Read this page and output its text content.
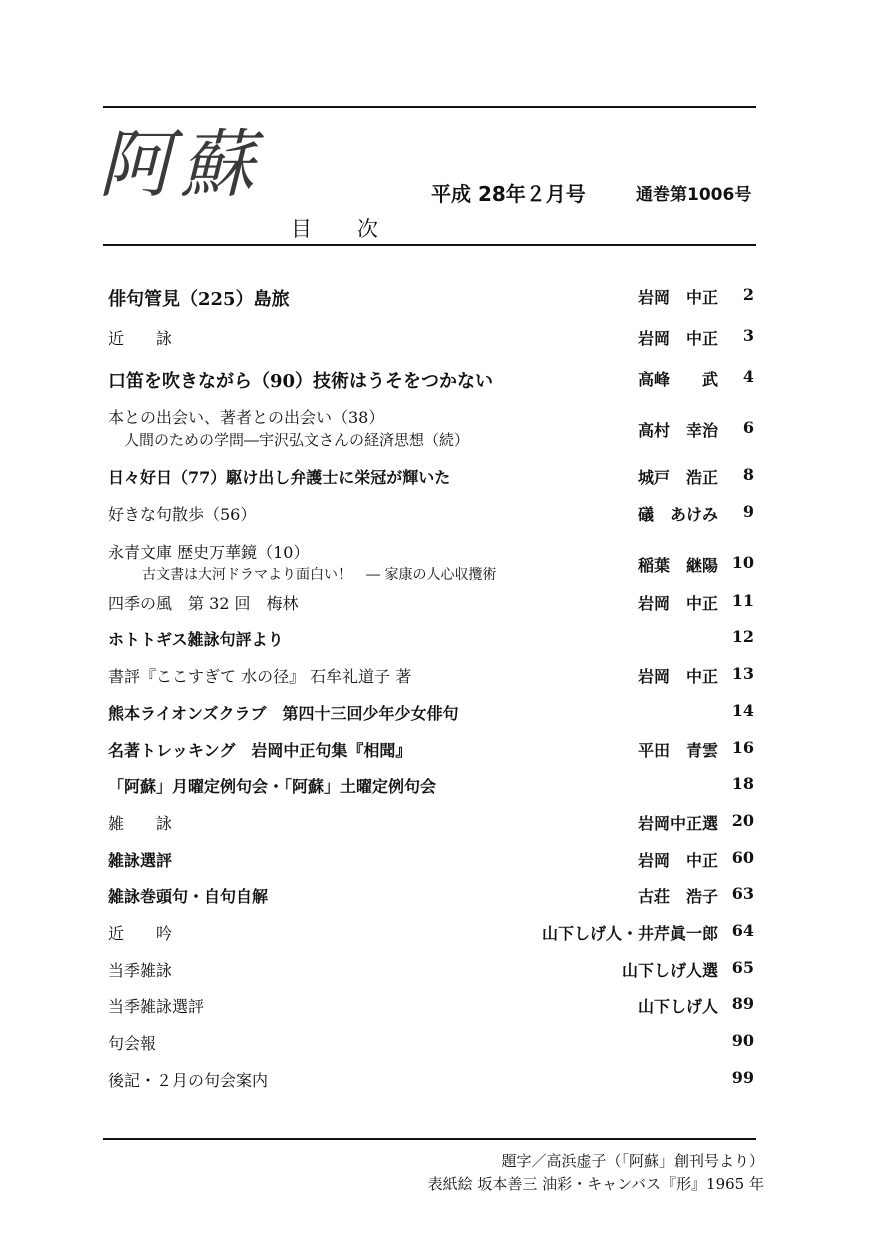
阿蘇	平成 28年２月号	通巻第1006号
目　次
俳句管見（225）島旅	岩岡　中正	2
近　　詠	岩岡　中正	3
口笛を吹きながら（90）技術はうそをつかない	高峰　　武	4
本との出会い、著者との出会い（38）
人間のための学問―宇沢弘文さんの経済思想（続）	高村　幸治	6
日々好日（77）駆け出し弁護士に栄冠が輝いた	城戸　浩正	8
好きな句散歩（56）	礒　あけみ	9
永青文庫 歴史万華鏡（10）
古文書は大河ドラマより面白い！　― 家康の人心収攬術	稲葉　継陽 10
四季の風　第 32 回　梅林	岩岡　中正 11
ホトトギス雑詠句評より	12
書評『ここすぎて 水の径』 石牟礼道子 著	岩岡　中正 13
熊本ライオンズクラブ　第四十三回少年少女俳句	14
名著トレッキング　岩岡中正句集『相聞』	平田　青雲 16
「阿蘇」月曜定例句会・「阿蘇」土曜定例句会	18
雑　　詠	岩岡中正選 20
雑詠選評	岩岡　中正 60
雑詠巻頭句・自句自解	古荘　浩子 63
近　　吟	山下しげ人・井芹眞一郎 64
当季雑詠	山下しげ人選 65
当季雑詠選評	山下しげ人 89
句会報	90
後記・２月の句会案内	99
題字／高浜虚子（「阿蘇」創刊号より）
表紙絵 坂本善三 油彩・キャンバス『形』1965 年
